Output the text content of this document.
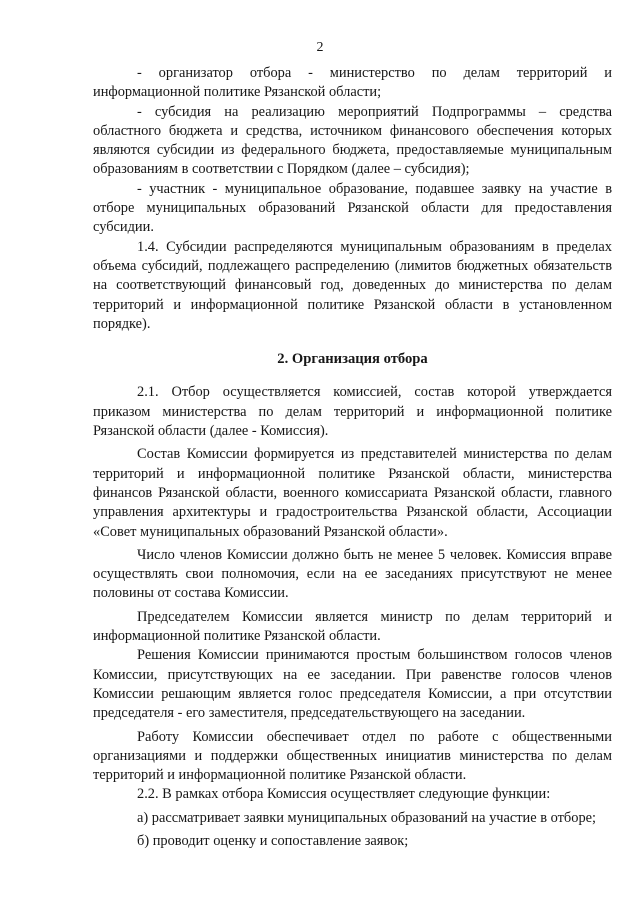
2

- организатор отбора - министерство по делам территорий и информационной политике Рязанской области;

- субсидия на реализацию мероприятий Подпрограммы – средства областного бюджета и средства, источником финансового обеспечения которых являются субсидии из федерального бюджета, предоставляемые муниципальным образованиям в соответствии с Порядком (далее – субсидия);

- участник - муниципальное образование, подавшее заявку на участие в отборе муниципальных образований Рязанской области для предоставления субсидии.

1.4. Субсидии распределяются муниципальным образованиям в пределах объема субсидий, подлежащего распределению (лимитов бюджетных обязательств на соответствующий финансовый год, доведенных до министерства по делам территорий и информационной политике Рязанской области в установленном порядке).

2. Организация отбора

2.1. Отбор осуществляется комиссией, состав которой утверждается приказом министерства по делам территорий и информационной политике Рязанской области (далее - Комиссия).

Состав Комиссии формируется из представителей министерства по делам территорий и информационной политике Рязанской области, министерства финансов Рязанской области, военного комиссариата Рязанской области, главного управления архитектуры и градостроительства Рязанской области, Ассоциации «Совет муниципальных образований Рязанской области».

Число членов Комиссии должно быть не менее 5 человек. Комиссия вправе осуществлять свои полномочия, если на ее заседаниях присутствуют не менее половины от состава Комиссии.

Председателем Комиссии является министр по делам территорий и информационной политике Рязанской области.

Решения Комиссии принимаются простым большинством голосов членов Комиссии, присутствующих на ее заседании. При равенстве голосов членов Комиссии решающим является голос председателя Комиссии, а при отсутствии председателя - его заместителя, председательствующего на заседании.

Работу Комиссии обеспечивает отдел по работе с общественными организациями и поддержки общественных инициатив министерства по делам территорий и информационной политике Рязанской области.

2.2. В рамках отбора Комиссия осуществляет следующие функции:

а) рассматривает заявки муниципальных образований на участие в отборе;

б) проводит оценку и сопоставление заявок;
